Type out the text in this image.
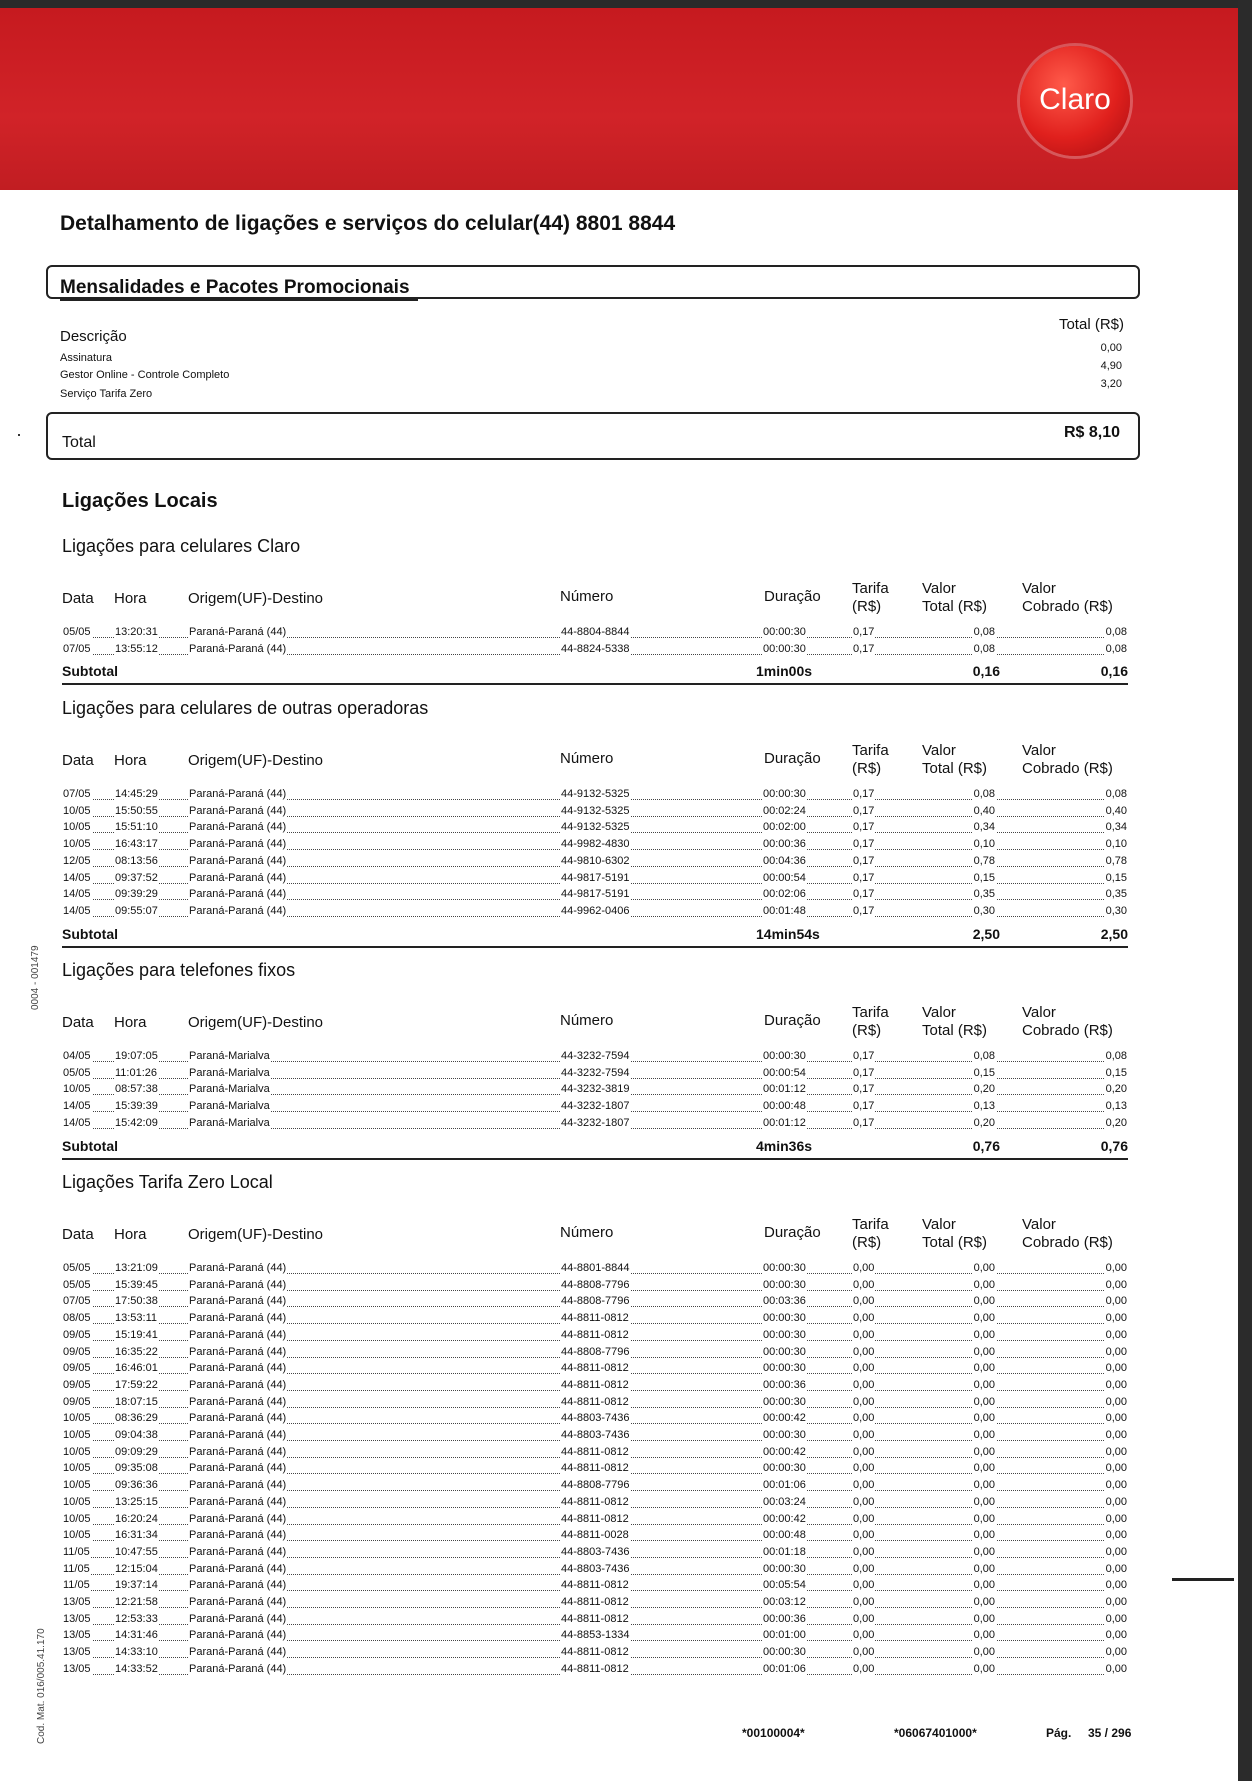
Claro
Detalhamento de ligações e serviços do celular(44) 8801 8844
Mensalidades e Pacotes Promocionais
Descrição
Total (R$)
Assinatura
0,00
Gestor Online - Controle Completo
4,90
Serviço Tarifa Zero
3,20
Total
R$ 8,10
Ligações Locais
Ligações para celulares Claro
Data Hora	Origem(UF)-Destino	Número	Duração Tarifa
(R$)
Valor
Total (R$)
Valor
Cobrado (R$)
05/05 13:20:31	Paraná-Paraná (44)	44-8804-8844	00:00:30	0,17	0,08	0,08
07/05 13:55:12	Paraná-Paraná (44)	44-8824-5338	00:00:30	0,17	0,08	0,08
Subtotal	1min00s	0,16	0,16
Ligações para celulares de outras operadoras
Data Hora	Origem(UF)-Destino	Número	Duração Tarifa
(R$)
Valor
Total (R$)
Valor
Cobrado (R$)
07/05 14:45:29	Paraná-Paraná (44)	44-9132-5325	00:00:30	0,17	0,08	0,08
10/05 15:50:55	Paraná-Paraná (44)	44-9132-5325	00:02:24	0,17	0,40	0,40
10/05 15:51:10	Paraná-Paraná (44)	44-9132-5325	00:02:00	0,17	0,34	0,34
10/05 16:43:17	Paraná-Paraná (44)	44-9982-4830	00:00:36	0,17	0,10	0,10
12/05 08:13:56	Paraná-Paraná (44)	44-9810-6302	00:04:36	0,17	0,78	0,78
14/05 09:37:52	Paraná-Paraná (44)	44-9817-5191	00:00:54	0,17	0,15	0,15
14/05 09:39:29	Paraná-Paraná (44)	44-9817-5191	00:02:06	0,17	0,35	0,35
14/05 09:55:07	Paraná-Paraná (44)	44-9962-0406	00:01:48	0,17	0,30	0,30
Subtotal	14min54s	2,50	2,50
Ligações para telefones fixos
Data Hora	Origem(UF)-Destino	Número	Duração Tarifa
(R$)
Valor
Total (R$)
Valor
Cobrado (R$)
04/05 19:07:05	Paraná-Marialva	44-3232-7594	00:00:30	0,17	0,08	0,08
05/05 11:01:26	Paraná-Marialva	44-3232-7594	00:00:54	0,17	0,15	0,15
10/05 08:57:38	Paraná-Marialva	44-3232-3819	00:01:12	0,17	0,20	0,20
14/05 15:39:39	Paraná-Marialva	44-3232-1807	00:00:48	0,17	0,13	0,13
14/05 15:42:09	Paraná-Marialva	44-3232-1807	00:01:12	0,17	0,20	0,20
Subtotal	4min36s	0,76	0,76
Ligações Tarifa Zero Local
Data Hora	Origem(UF)-Destino	Número	Duração Tarifa
(R$)
Valor
Total (R$)
Valor
Cobrado (R$)
05/05 13:21:09	Paraná-Paraná (44)	44-8801-8844	00:00:30	0,00	0,00	0,00
05/05 15:39:45	Paraná-Paraná (44)	44-8808-7796	00:00:30	0,00	0,00	0,00
07/05 17:50:38	Paraná-Paraná (44)	44-8808-7796	00:03:36	0,00	0,00	0,00
08/05 13:53:11	Paraná-Paraná (44)	44-8811-0812	00:00:30	0,00	0,00	0,00
09/05 15:19:41	Paraná-Paraná (44)	44-8811-0812	00:00:30	0,00	0,00	0,00
09/05 16:35:22	Paraná-Paraná (44)	44-8808-7796	00:00:30	0,00	0,00	0,00
09/05 16:46:01	Paraná-Paraná (44)	44-8811-0812	00:00:30	0,00	0,00	0,00
09/05 17:59:22	Paraná-Paraná (44)	44-8811-0812	00:00:36	0,00	0,00	0,00
09/05 18:07:15	Paraná-Paraná (44)	44-8811-0812	00:00:30	0,00	0,00	0,00
10/05 08:36:29	Paraná-Paraná (44)	44-8803-7436	00:00:42	0,00	0,00	0,00
10/05 09:04:38	Paraná-Paraná (44)	44-8803-7436	00:00:30	0,00	0,00	0,00
10/05 09:09:29	Paraná-Paraná (44)	44-8811-0812	00:00:42	0,00	0,00	0,00
10/05 09:35:08	Paraná-Paraná (44)	44-8811-0812	00:00:30	0,00	0,00	0,00
10/05 09:36:36	Paraná-Paraná (44)	44-8808-7796	00:01:06	0,00	0,00	0,00
10/05 13:25:15	Paraná-Paraná (44)	44-8811-0812	00:03:24	0,00	0,00	0,00
10/05 16:20:24	Paraná-Paraná (44)	44-8811-0812	00:00:42	0,00	0,00	0,00
10/05 16:31:34	Paraná-Paraná (44)	44-8811-0028	00:00:48	0,00	0,00	0,00
11/05 10:47:55	Paraná-Paraná (44)	44-8803-7436	00:01:18	0,00	0,00	0,00
11/05 12:15:04	Paraná-Paraná (44)	44-8803-7436	00:00:30	0,00	0,00	0,00
11/05 19:37:14	Paraná-Paraná (44)	44-8811-0812	00:05:54	0,00	0,00	0,00
13/05 12:21:58	Paraná-Paraná (44)	44-8811-0812	00:03:12	0,00	0,00	0,00
13/05 12:53:33	Paraná-Paraná (44)	44-8811-0812	00:00:36	0,00	0,00	0,00
13/05 14:31:46	Paraná-Paraná (44)	44-8853-1334	00:01:00	0,00	0,00	0,00
13/05 14:33:10	Paraná-Paraná (44)	44-8811-0812	00:00:30	0,00	0,00	0,00
13/05 14:33:52	Paraná-Paraná (44)	44-8811-0812	00:01:06	0,00	0,00	0,00
*00100004*	*06067401000*	Pág. 35 / 296
0004 - 001479
Cod. Mat. 016/005.41.170
